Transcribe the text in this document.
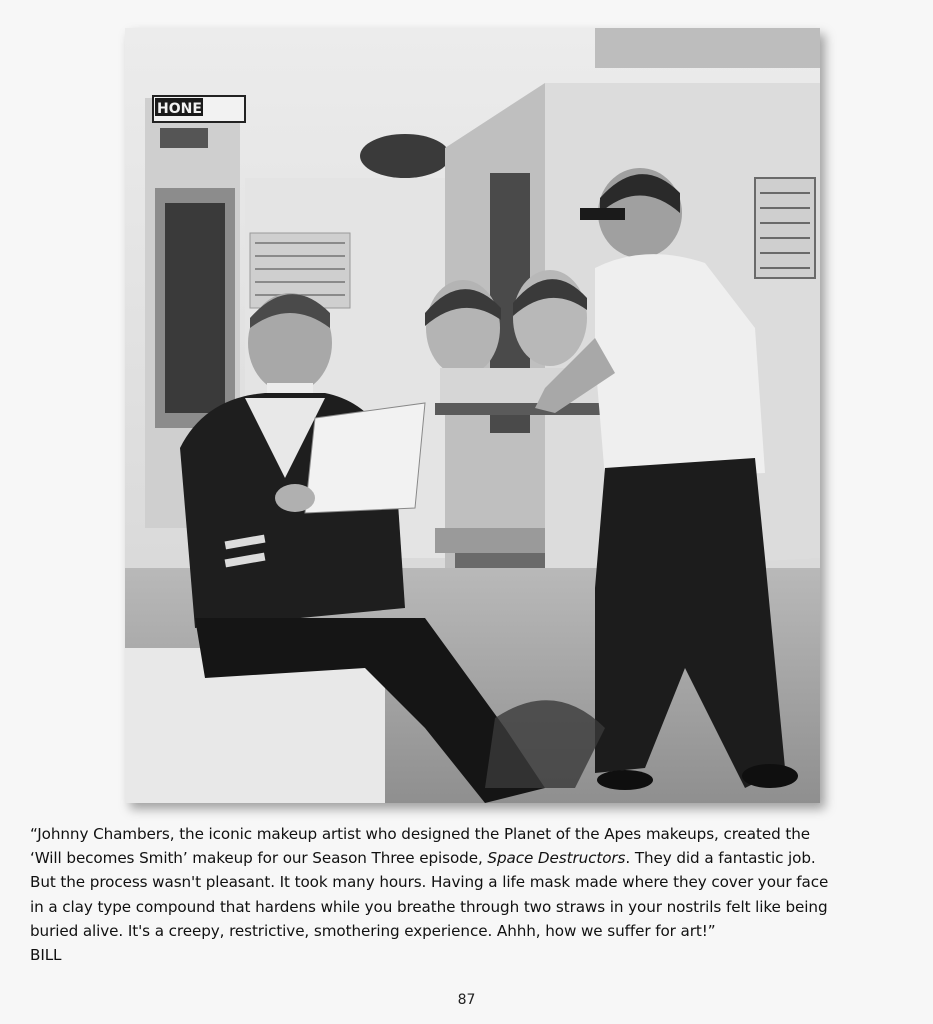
HONE
“Johnny Chambers, the iconic makeup artist who designed the Planet of the Apes makeups, created the
‘Will becomes Smith’ makeup for our Season Three episode, Space Destructors. They did a fantastic job.
But the process wasn't pleasant. It took many hours. Having a life mask made where they cover your face
in a clay type compound that hardens while you breathe through two straws in your nostrils felt like being
buried alive. It's a creepy, restrictive, smothering experience. Ahhh, how we suffer for art!”
BILL
87
